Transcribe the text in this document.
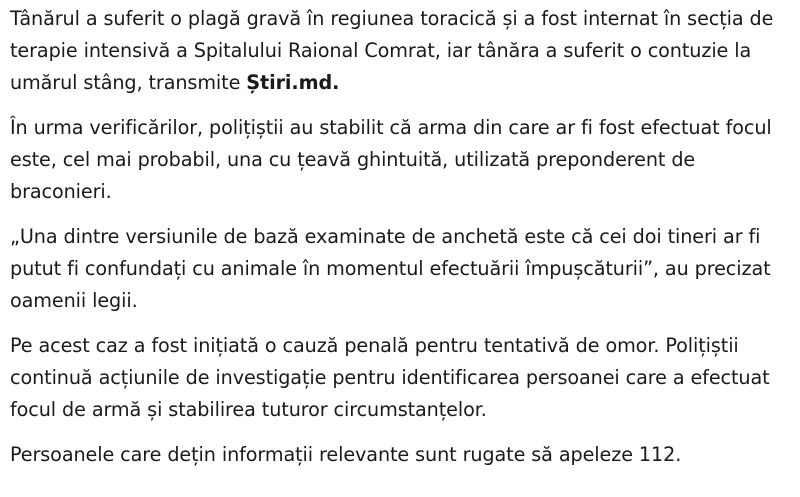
Tânărul a suferit o plagă gravă în regiunea toracică și a fost internat în secția de terapie intensivă a Spitalului Raional Comrat, iar tânăra a suferit o contuzie la umărul stâng, transmite Știri.md.

În urma verificărilor, polițiștii au stabilit că arma din care ar fi fost efectuat focul este, cel mai probabil, una cu țeavă ghintuită, utilizată preponderent de braconieri.

„Una dintre versiunile de bază examinate de anchetă este că cei doi tineri ar fi putut fi confundați cu animale în momentul efectuării împușcăturii”, au precizat oamenii legii.

Pe acest caz a fost inițiată o cauză penală pentru tentativă de omor. Polițiștii continuă acțiunile de investigație pentru identificarea persoanei care a efectuat focul de armă și stabilirea tuturor circumstanțelor.

Persoanele care dețin informații relevante sunt rugate să apeleze 112.
